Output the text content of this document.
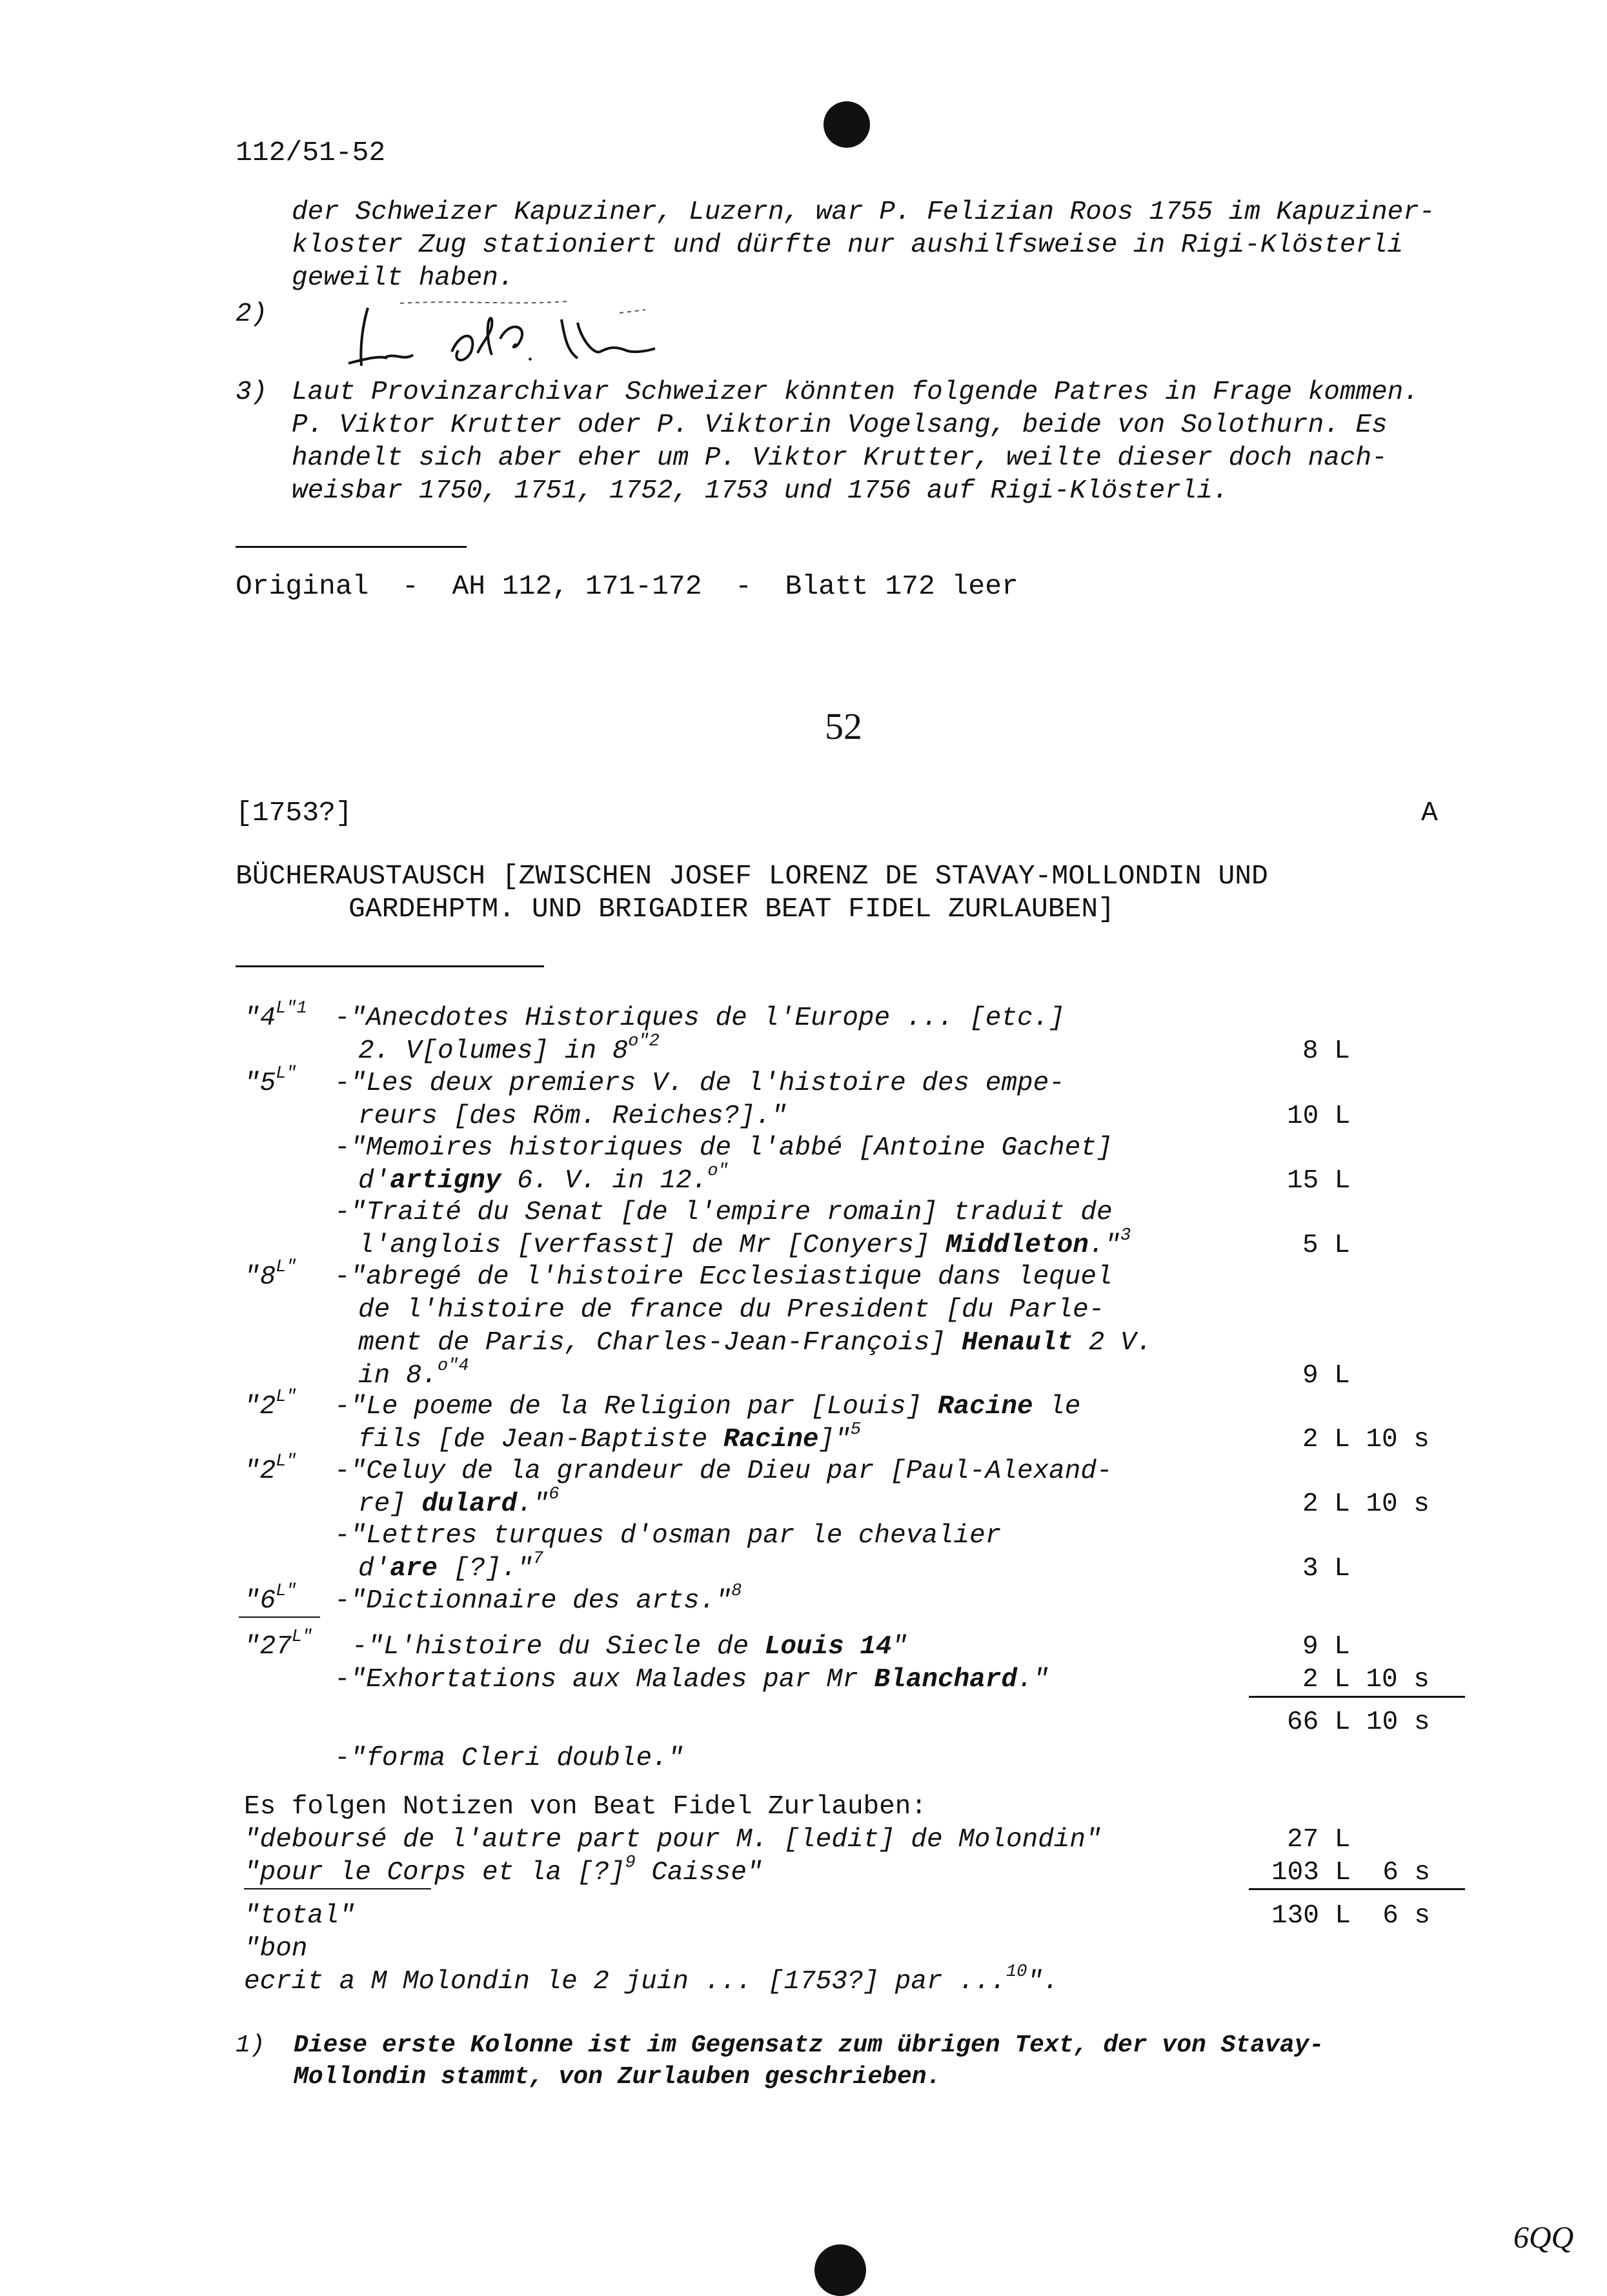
112/51-52
der Schweizer Kapuziner, Luzern, war P. Felizian Roos 1755 im Kapuziner-
kloster Zug stationiert und dürfte nur aushilfsweise in Rigi-Klösterli
geweilt haben.
2)
3) Laut Provinzarchivar Schweizer könnten folgende Patres in Frage kommen.
P. Viktor Krutter oder P. Viktorin Vogelsang, beide von Solothurn. Es
handelt sich aber eher um P. Viktor Krutter, weilte dieser doch nach-
weisbar 1750, 1751, 1752, 1753 und 1756 auf Rigi-Klösterli.
Original  -  AH 112, 171-172  -  Blatt 172 leer
52
[1753?]	A
BÜCHERAUSTAUSCH [ZWISCHEN JOSEF LORENZ DE STAVAY-MOLLONDIN UND
GARDEHPTM. UND BRIGADIER BEAT FIDEL ZURLAUBEN]
"$4^{L"1}$ -"Anecdotes Historiques de l'Europe ... [etc.]
2. V[olumes] in $8^{o"2}$	8 L
"$5^{L"}$ -"Les deux premiers V. de l'histoire des empe-
reurs [des Röm. Reiches?]."	10 L
-"Memoires historiques de l'abbé [Antoine Gachet]
d'artigny 6. V. in 12.$^{o"}$	15 L
-"Traité du Senat [de l'empire romain] traduit de
l'anglois [verfasst] de Mr [Conyers] Middleton."$^3$	5 L
"$8^{L"}$ -"abregé de l'histoire Ecclesiastique dans lequel
de l'histoire de france du President [du Parle-
ment de Paris, Charles-Jean-François] Henault 2 V.
in 8.$^{o"4}$	9 L
"$2^{L"}$ -"Le poeme de la Religion par [Louis] Racine le
fils [de Jean-Baptiste Racine]"$^5$	2 L 10 s
"$2^{L"}$ -"Celuy de la grandeur de Dieu par [Paul-Alexand-
re] dulard."$^6$	2 L 10 s
-"Lettres turques d'osman par le chevalier
d'are [?]."$^7$	3 L
"$6^{L"}$ -"Dictionnaire des arts."$^8$
"$27^{L"}$ -"L'histoire du Siecle de Louis 14"	9 L
-"Exhortations aux Malades par Mr Blanchard."	2 L 10 s
66 L 10 s
-"forma Cleri double."
Es folgen Notizen von Beat Fidel Zurlauben:
"deboursé de l'autre part pour M. [ledit] de Molondin"	27 L
"pour le Corps et la [?]$^9$ Caisse"	103 L  6 s
"total"	130 L  6 s
"bon
ecrit a M Molondin le 2 juin ... [1753?] par ...$^{10}$".
1) Diese erste Kolonne ist im Gegensatz zum übrigen Text, der von Stavay-
Mollondin stammt, von Zurlauben geschrieben.
6QQ
